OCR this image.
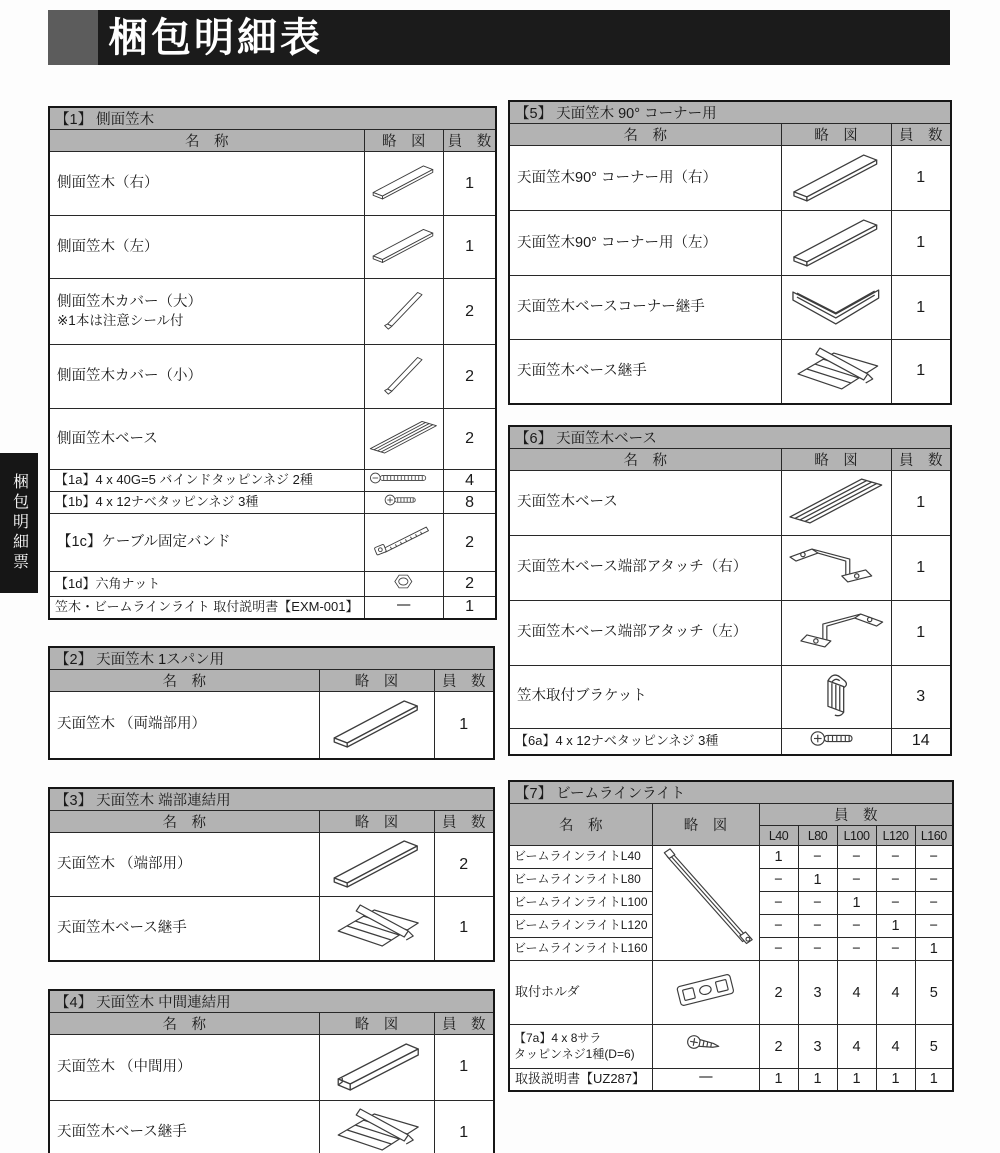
梱包明細表
梱包明細票
【1】 側面笠木		
名　称	略　図	員　数

側面笠木（右）		1

側面笠木（左）		1

側面笠木カバー（大）
※1本は注意シール付		2

側面笠木カバー（小）		2

側面笠木ベース		2

【1a】4 x 40G=5 バインドタッピンネジ 2種		4

【1b】4 x 12ナベタッピンネジ 3種		8

【1c】ケーブル固定バンド		2

【1d】六角ナット		2

笠木・ビームラインライト 取付説明書【EXM-001】		1
【2】 天面笠木 1スパン用		
名　称	略　図	員　数

天面笠木 （両端部用）		1
【3】 天面笠木 端部連結用		
名　称	略　図	員　数

天面笠木 （端部用）		2

天面笠木ベース継手		1
【4】 天面笠木 中間連結用		
名　称	略　図	員　数

天面笠木 （中間用）		1

天面笠木ベース継手		1
【5】 天面笠木 90° コーナー用		
名　称	略　図	員　数

天面笠木90° コーナー用（右）		1

天面笠木90° コーナー用（左）		1

天面笠木ベースコーナー継手		1

天面笠木ベース継手		1
【6】 天面笠木ベース		
名　称	略　図	員　数

天面笠木ベース		1

天面笠木ベース端部アタッチ（右）		1

天面笠木ベース端部アタッチ（左）		1

笠木取付ブラケット		3

【6a】4 x 12ナベタッピンネジ 3種		14
【7】 ビームラインライト						
名　称	略　図	員　数				
		L40	L80	L100	L120	L160
ビームラインライトL40		1	−	−	−	−
ビームラインライトL80		−	1	−	−	−
ビームラインライトL100		−	−	1	−	−
ビームラインライトL120		−	−	−	1	−
ビームラインライトL160		−	−	−	−	1

取付ホルダ		2	3	4	4	5

【7a】4 x 8サラ
タッピンネジ1種(D=6)		2	3	4	4	5

取扱説明書【UZ287】		1	1	1	1	1
